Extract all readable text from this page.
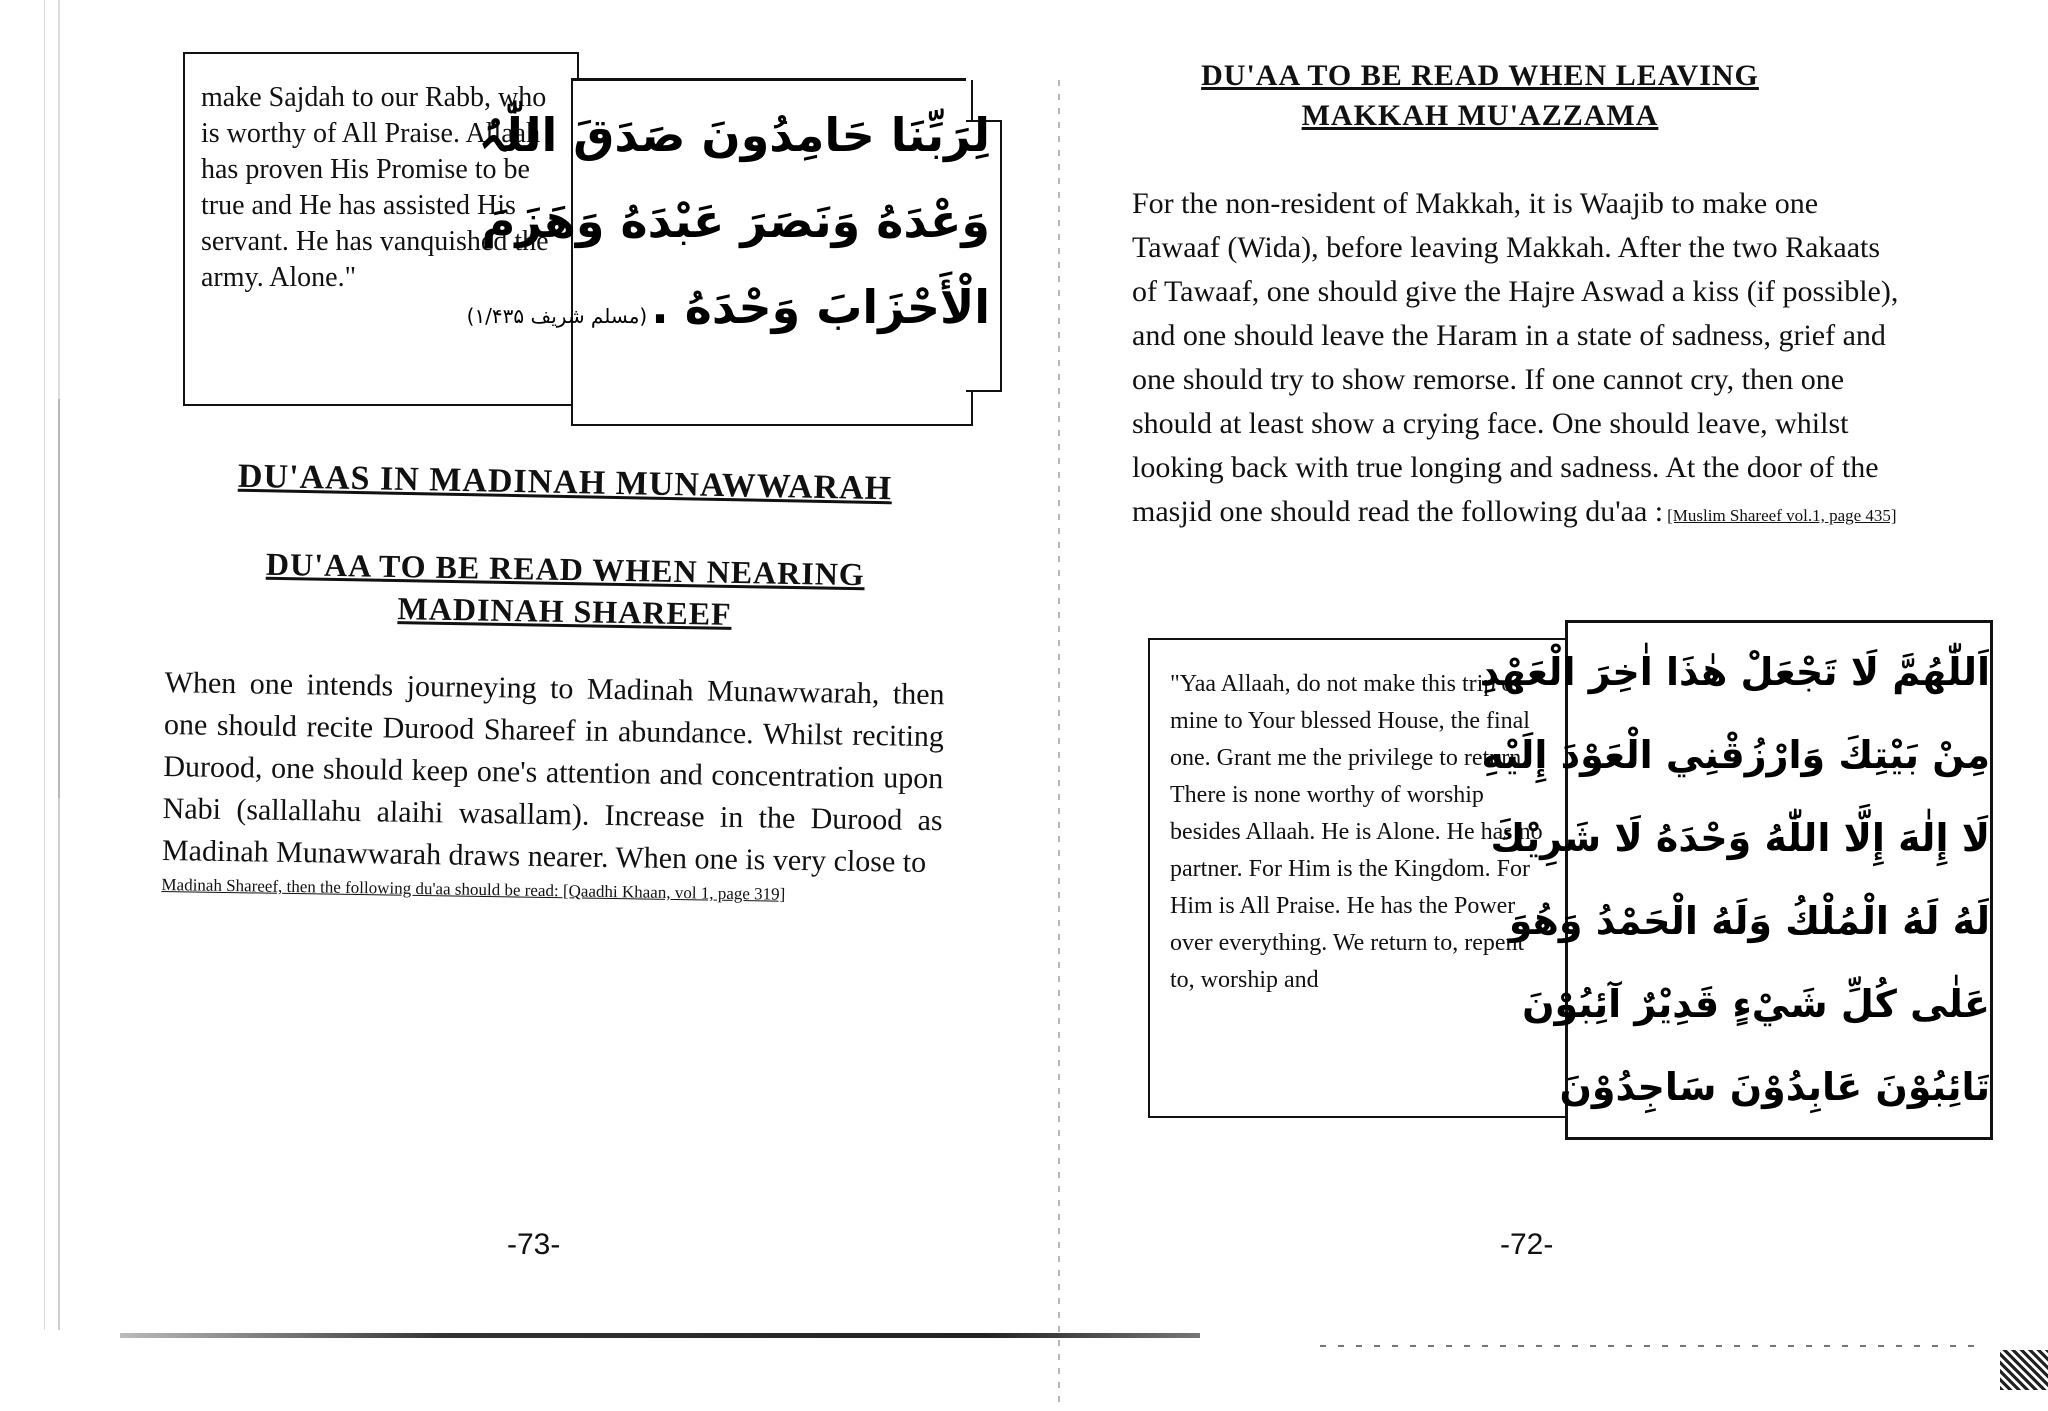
make Sajdah to our Rabb, who is worthy of All Praise. Allaah has proven His Promise to be true and He has assisted His servant. He has vanquished the army. Alone."
لِرَبِّنَا حَامِدُونَ صَدَقَ اللّٰہُ
وَعْدَهُ وَنَصَرَ عَبْدَهُ وَهَزَمَ
الْأَحْزَابَ وَحْدَهُ . (مسلم شریف ۱/۴۳۵)
DU'AAS IN MADINAH MUNAWWARAH
DU'AA TO BE READ WHEN NEARING
MADINAH SHAREEF
When one intends journeying to Madinah Munawwarah, then one should recite Durood Shareef in abundance. Whilst reciting Durood, one should keep one's attention and concentration upon Nabi (sallallahu alaihi wasallam). Increase in the Durood as Madinah Munawwarah draws nearer. When one is very close to
Madinah Shareef, then the following du'aa should be read: [Qaadhi Khaan, vol 1, page 319]
-73-
DU'AA TO BE READ WHEN LEAVING
MAKKAH MU'AZZAMA
For the non-resident of Makkah, it is Waajib to make one Tawaaf (Wida), before leaving Makkah. After the two Rakaats of Tawaaf, one should give the Hajre Aswad a kiss (if possible), and one should leave the Haram in a state of sadness, grief and one should try to show remorse. If one cannot cry, then one should at least show a crying face. One should leave, whilst looking back with true longing and sadness. At the door of the masjid one should read the following du'aa : [Muslim Shareef vol.1, page 435]
"Yaa Allaah, do not make this trip of mine to Your blessed House, the final one. Grant me the privilege to return. There is none worthy of worship besides Allaah. He is Alone. He has no partner. For Him is the Kingdom. For Him is All Praise. He has the Power over everything. We return to, repent to, worship and
اَللّٰهُمَّ لَا تَجْعَلْ هٰذَا اٰخِرَ الْعَهْدِ
مِنْ بَيْتِكَ وَارْزُقْنِي الْعَوْدَ إِلَيْهِ
لَا إِلٰهَ إِلَّا اللّٰهُ وَحْدَهُ لَا شَرِيْكَ
لَهُ لَهُ الْمُلْكُ وَلَهُ الْحَمْدُ وَهُوَ
عَلٰى كُلِّ شَيْءٍ قَدِيْرٌ آئِبُوْنَ
تَائِبُوْنَ عَابِدُوْنَ سَاجِدُوْنَ
-72-
